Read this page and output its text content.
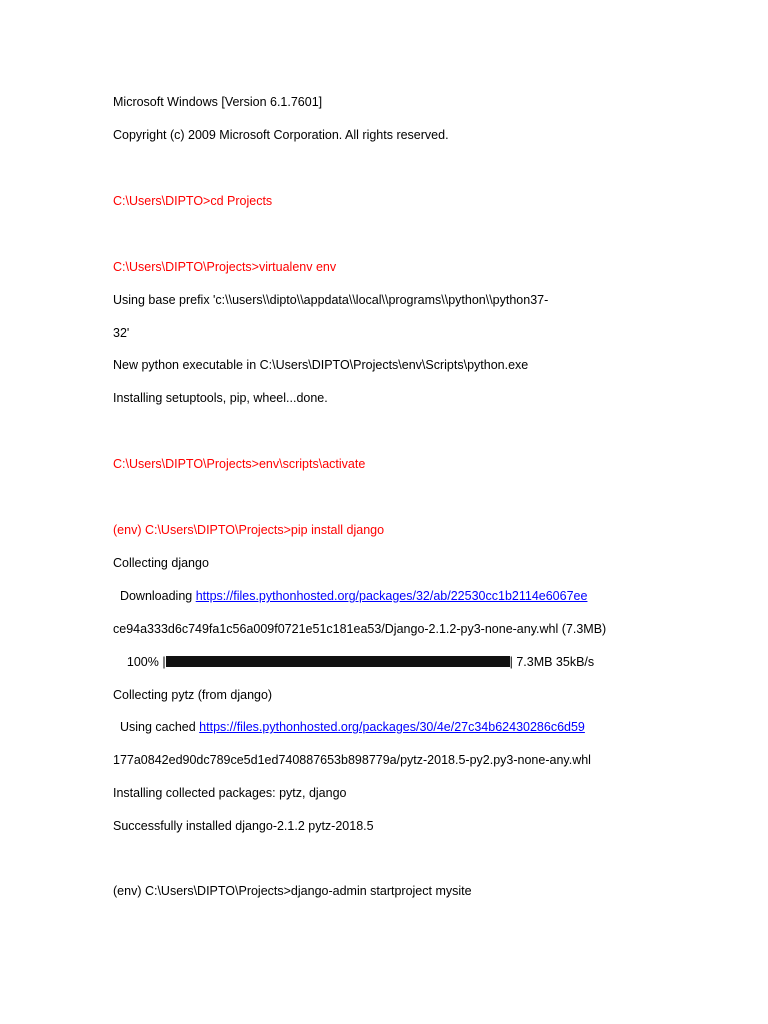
Microsoft Windows [Version 6.1.7601]
Copyright (c) 2009 Microsoft Corporation. All rights reserved.
C:\Users\DIPTO>cd Projects
C:\Users\DIPTO\Projects>virtualenv env
Using base prefix 'c:\\users\\dipto\\appdata\\local\\programs\\python\\python37-
32'
New python executable in C:\Users\DIPTO\Projects\env\Scripts\python.exe
Installing setuptools, pip, wheel...done.
C:\Users\DIPTO\Projects>env\scripts\activate
(env) C:\Users\DIPTO\Projects>pip install django
Collecting django
Downloading https://files.pythonhosted.org/packages/32/ab/22530cc1b2114e6067ee
ce94a333d6c749fa1c56a009f0721e51c181ea53/Django-2.1.2-py3-none-any.whl (7.3MB)
100% |	| 7.3MB 35kB/s
Collecting pytz (from django)
Using cached https://files.pythonhosted.org/packages/30/4e/27c34b62430286c6d59
177a0842ed90dc789ce5d1ed740887653b898779a/pytz-2018.5-py2.py3-none-any.whl
Installing collected packages: pytz, django
Successfully installed django-2.1.2 pytz-2018.5
(env) C:\Users\DIPTO\Projects>django-admin startproject mysite
